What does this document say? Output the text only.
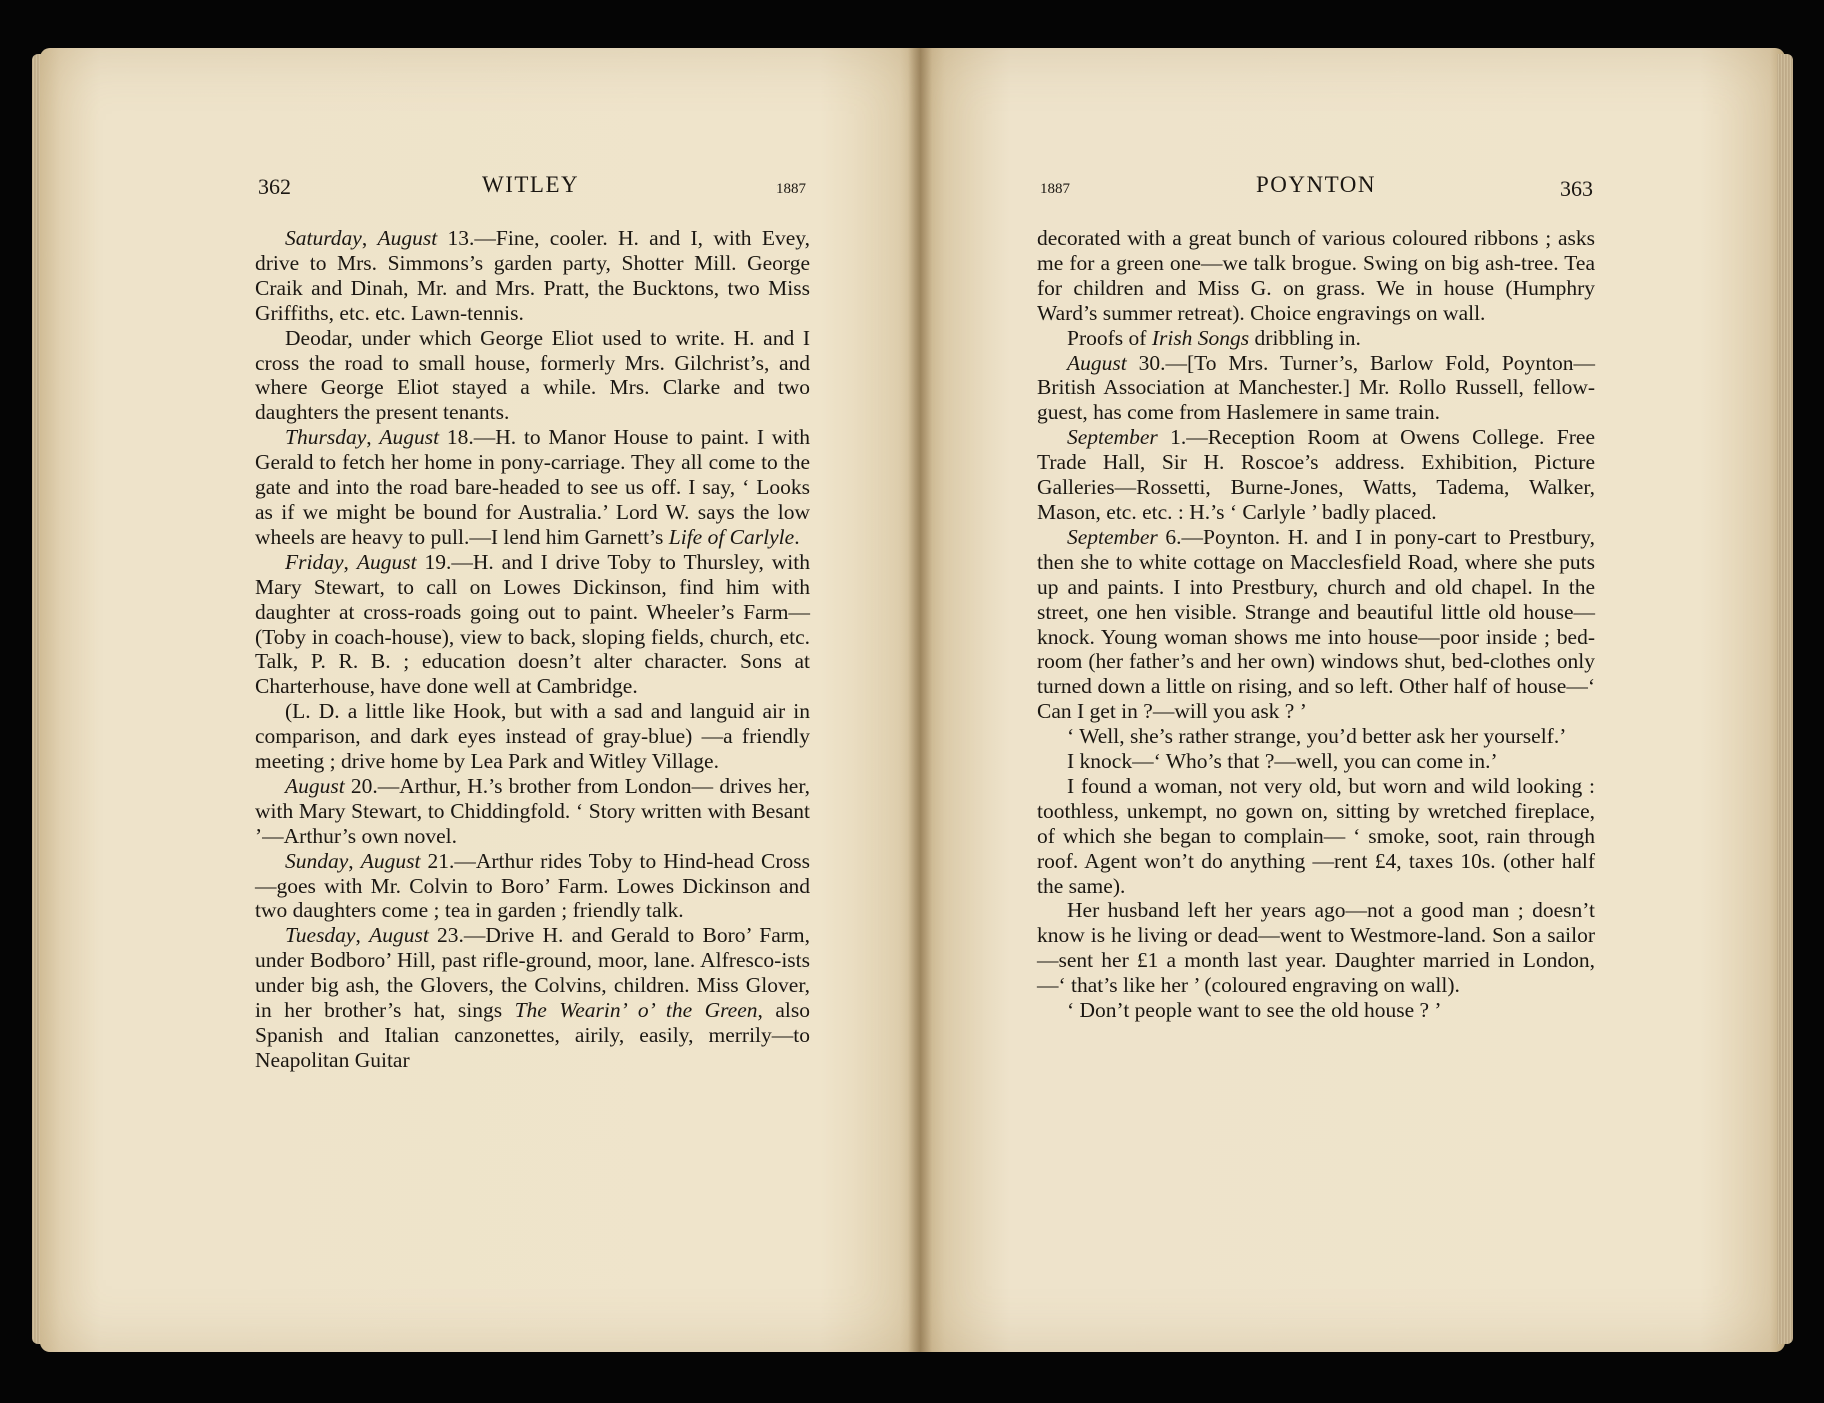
362	WITLEY	1887	1887	POYNTON	363

Saturday, August 13.—Fine, cooler. H. and I, with Evey, drive to Mrs. Simmons’s garden party, Shotter Mill. George Craik and Dinah, Mr. and Mrs. Pratt, the Bucktons, two Miss Griffiths, etc. etc. Lawn-tennis.

Deodar, under which George Eliot used to write. H. and I cross the road to small house, formerly Mrs. Gilchrist’s, and where George Eliot stayed a while. Mrs. Clarke and two daughters the present tenants.

Thursday, August 18.—H. to Manor House to paint. I with Gerald to fetch her home in pony-carriage. They all come to the gate and into the road bare-headed to see us off. I say, ‘ Looks as if we might be bound for Australia.’ Lord W. says the low wheels are heavy to pull.—I lend him Garnett’s Life of Carlyle.

Friday, August 19.—H. and I drive Toby to Thursley, with Mary Stewart, to call on Lowes Dickinson, find him with daughter at cross-roads going out to paint. Wheeler’s Farm—(Toby in coach-house), view to back, sloping fields, church, etc. Talk, P. R. B. ; education doesn’t alter character. Sons at Charterhouse, have done well at Cambridge.

(L. D. a little like Hook, but with a sad and languid air in comparison, and dark eyes instead of gray-blue) —a friendly meeting ; drive home by Lea Park and Witley Village.

August 20.—Arthur, H.’s brother from London— drives her, with Mary Stewart, to Chiddingfold. ‘ Story written with Besant ’—Arthur’s own novel.

Sunday, August 21.—Arthur rides Toby to Hind-head Cross—goes with Mr. Colvin to Boro’ Farm. Lowes Dickinson and two daughters come ; tea in garden ; friendly talk.

Tuesday, August 23.—Drive H. and Gerald to Boro’ Farm, under Bodboro’ Hill, past rifle-ground, moor, lane. Alfresco-ists under big ash, the Glovers, the Colvins, children. Miss Glover, in her brother’s hat, sings The Wearin’ o’ the Green, also Spanish and Italian canzonettes, airily, easily, merrily—to Neapolitan Guitar

decorated with a great bunch of various coloured ribbons ; asks me for a green one—we talk brogue. Swing on big ash-tree. Tea for children and Miss G. on grass. We in house (Humphry Ward’s summer retreat). Choice engravings on wall.

Proofs of Irish Songs dribbling in.

August 30.—[To Mrs. Turner’s, Barlow Fold, Poynton—British Association at Manchester.] Mr. Rollo Russell, fellow-guest, has come from Haslemere in same train.

September 1.—Reception Room at Owens College. Free Trade Hall, Sir H. Roscoe’s address. Exhibition, Picture Galleries—Rossetti, Burne-Jones, Watts, Tadema, Walker, Mason, etc. etc. : H.’s ‘ Carlyle ’ badly placed.

September 6.—Poynton. H. and I in pony-cart to Prestbury, then she to white cottage on Macclesfield Road, where she puts up and paints. I into Prestbury, church and old chapel. In the street, one hen visible. Strange and beautiful little old house—knock. Young woman shows me into house—poor inside ; bed-room (her father’s and her own) windows shut, bed-clothes only turned down a little on rising, and so left. Other half of house—‘ Can I get in ?—will you ask ? ’

‘ Well, she’s rather strange, you’d better ask her yourself.’

I knock—‘ Who’s that ?—well, you can come in.’

I found a woman, not very old, but worn and wild looking : toothless, unkempt, no gown on, sitting by wretched fireplace, of which she began to complain— ‘ smoke, soot, rain through roof. Agent won’t do anything —rent £4, taxes 10s. (other half the same).

Her husband left her years ago—not a good man ; doesn’t know is he living or dead—went to Westmore-land. Son a sailor—sent her £1 a month last year. Daughter married in London,—‘ that’s like her ’ (coloured engraving on wall).

‘ Don’t people want to see the old house ? ’
